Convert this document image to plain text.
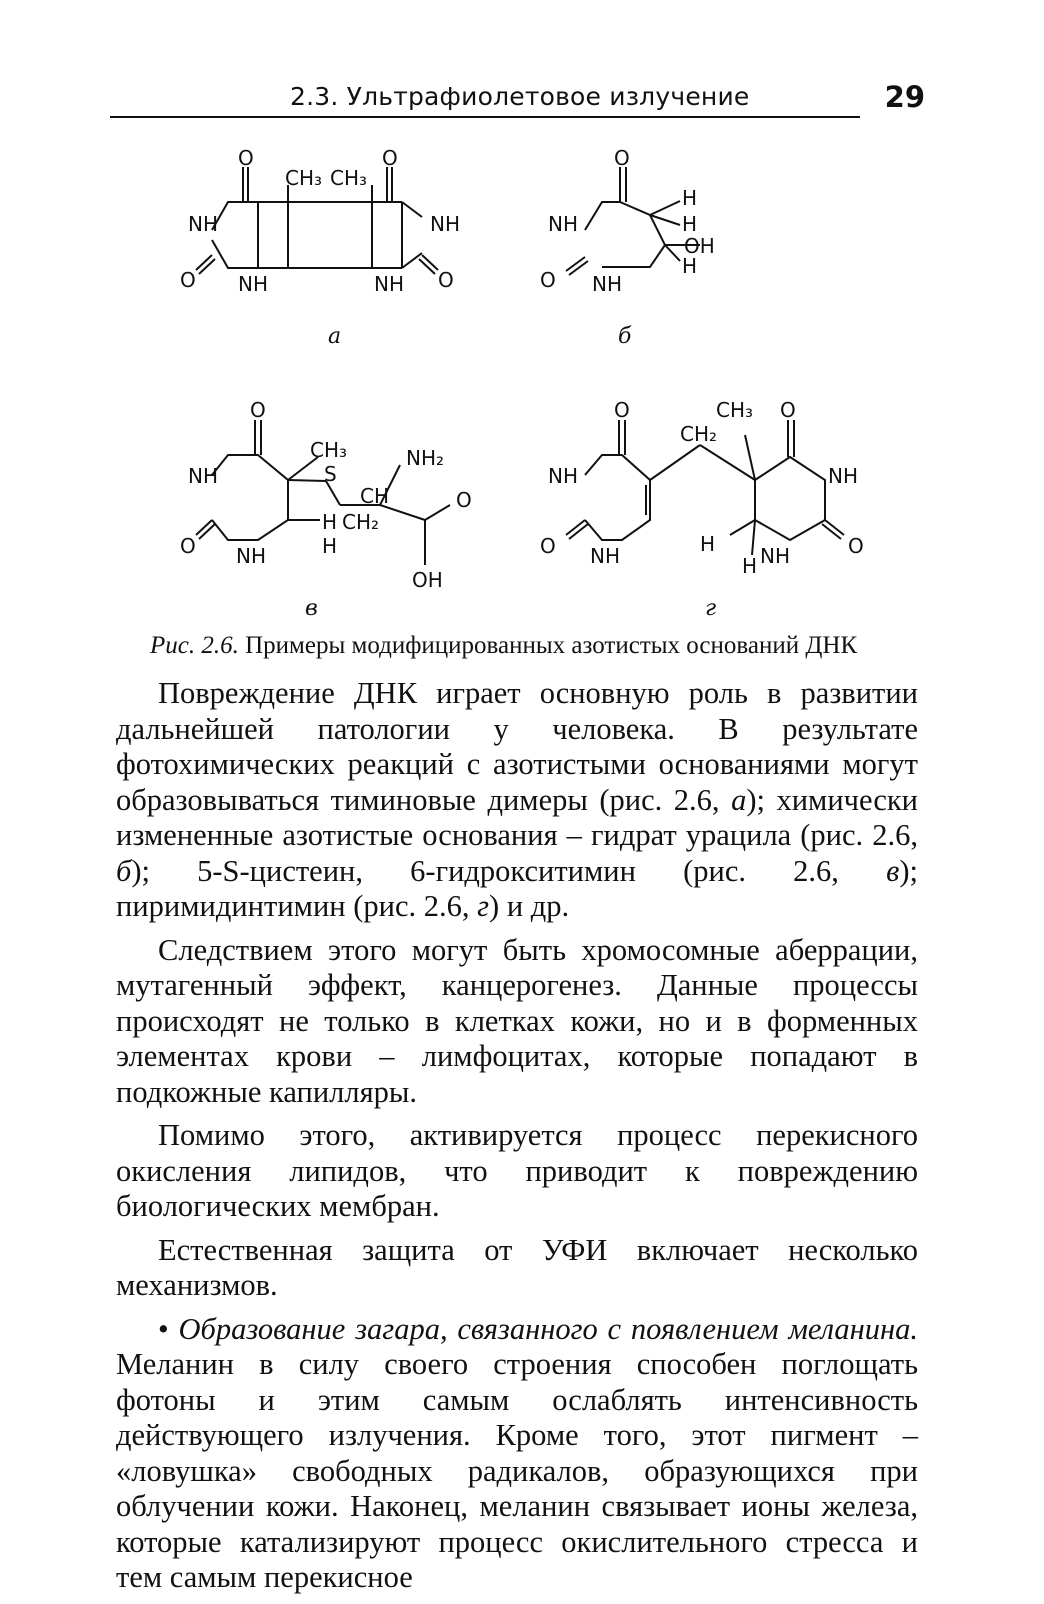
2.3. Ультрафиолетовое излучение	29
NH	NH
NH	NH
O	O
O	O
CH₃ CH₃
а
NH
NH
O
O
H
H
OH
H
б
NH
NH
O
O
CH₃
S
NH₂
CH
H CH₂
H
O
OH
в
NH
NH
O
O
CH₃
CH₂
O
NH
O
H
H NH
г
Рис. 2.6. Примеры модифицированных азотистых оснований ДНК

Повреждение ДНК играет основную роль в развитии дальнейшей патологии у человека. В результате фотохимических реакций с азотистыми основаниями могут образовываться тиминовые димеры (рис. 2.6, а); химически измененные азотистые основания – гидрат урацила (рис. 2.6, б); 5-S-цистеин, 6-гидрокситимин (рис. 2.6, в); пиримидинтимин (рис. 2.6, г) и др.

Следствием этого могут быть хромосомные аберрации, мутагенный эффект, канцерогенез. Данные процессы происходят не только в клетках кожи, но и в форменных элементах крови – лимфоцитах, которые попадают в подкожные капилляры.

Помимо этого, активируется процесс перекисного окисления липидов, что приводит к повреждению биологических мембран.

Естественная защита от УФИ включает несколько механизмов.

• Образование загара, связанного с появлением меланина. Меланин в силу своего строения способен поглощать фотоны и этим самым ослаблять интенсивность действующего излучения. Кроме того, этот пигмент – «ловушка» свободных радикалов, образующихся при облучении кожи. Наконец, меланин связывает ионы железа, которые катализируют процесс окислительного стресса и тем самым перекисное
